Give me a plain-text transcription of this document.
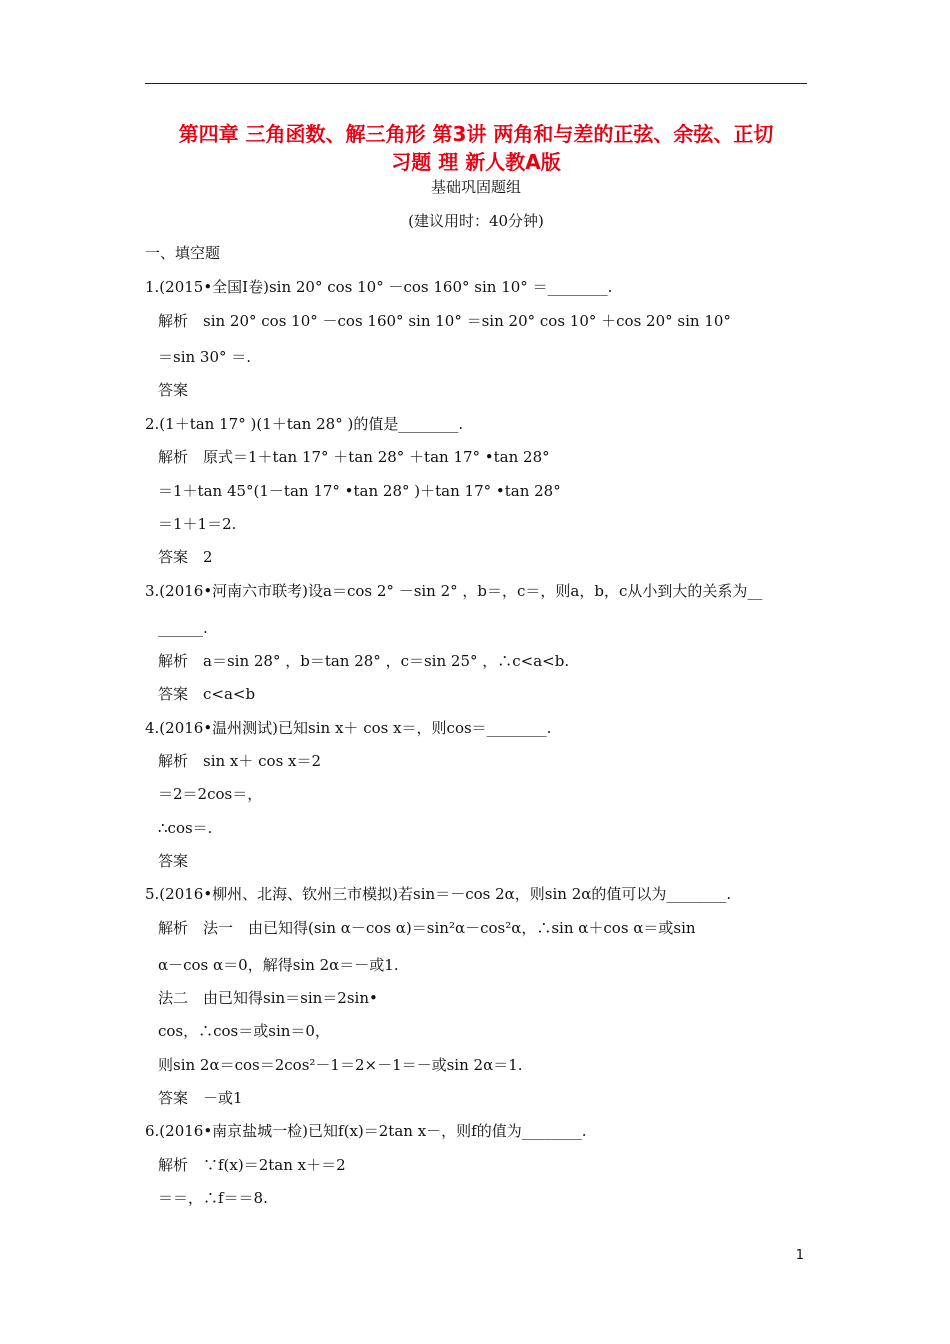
第四章 三角函数、解三角形 第3讲 两角和与差的正弦、余弦、正切
习题 理 新人教A版
基础巩固题组
(建议用时：40分钟)
一、填空题
1.(2015•全国Ⅰ卷)sin 20° cos 10° －cos 160° sin 10° ＝________.
解析　sin 20° cos 10° －cos 160° sin 10° ＝sin 20° cos 10° ＋cos 20° sin 10°
＝sin 30° ＝.
答案
2.(1＋tan 17° )(1＋tan 28° )的值是________.
解析　原式＝1＋tan 17° ＋tan 28° ＋tan 17° •tan 28°
＝1＋tan 45°(1－tan 17° •tan 28° )＋tan 17° •tan 28°
＝1＋1＝2.
答案　2
3.(2016•河南六市联考)设a＝cos 2° －sin 2° ，b＝，c＝，则a，b，c从小到大的关系为__
______.
解析　a＝sin 28° ，b＝tan 28° ，c＝sin 25° ，∴c<a<b.
答案　c<a<b
4.(2016•温州测试)已知sin x＋ cos x＝，则cos＝________.
解析　sin x＋ cos x＝2
＝2＝2cos＝，
∴cos＝.
答案
5.(2016•柳州、北海、钦州三市模拟)若sin＝－cos 2α，则sin 2α的值可以为________.
解析　法一　由已知得(sin α－cos α)＝sin²α－cos²α，∴sin α＋cos α＝或sin
α－cos α＝0，解得sin 2α＝－或1.
法二　由已知得sin＝sin＝2sin•
cos，∴cos＝或sin＝0，
则sin 2α＝cos＝2cos²－1＝2×－1＝－或sin 2α＝1.
答案　－或1
6.(2016•南京盐城一检)已知f(x)＝2tan x－，则f的值为________.
解析　∵f(x)＝2tan x＋＝2
＝＝，∴f＝＝8.
1
